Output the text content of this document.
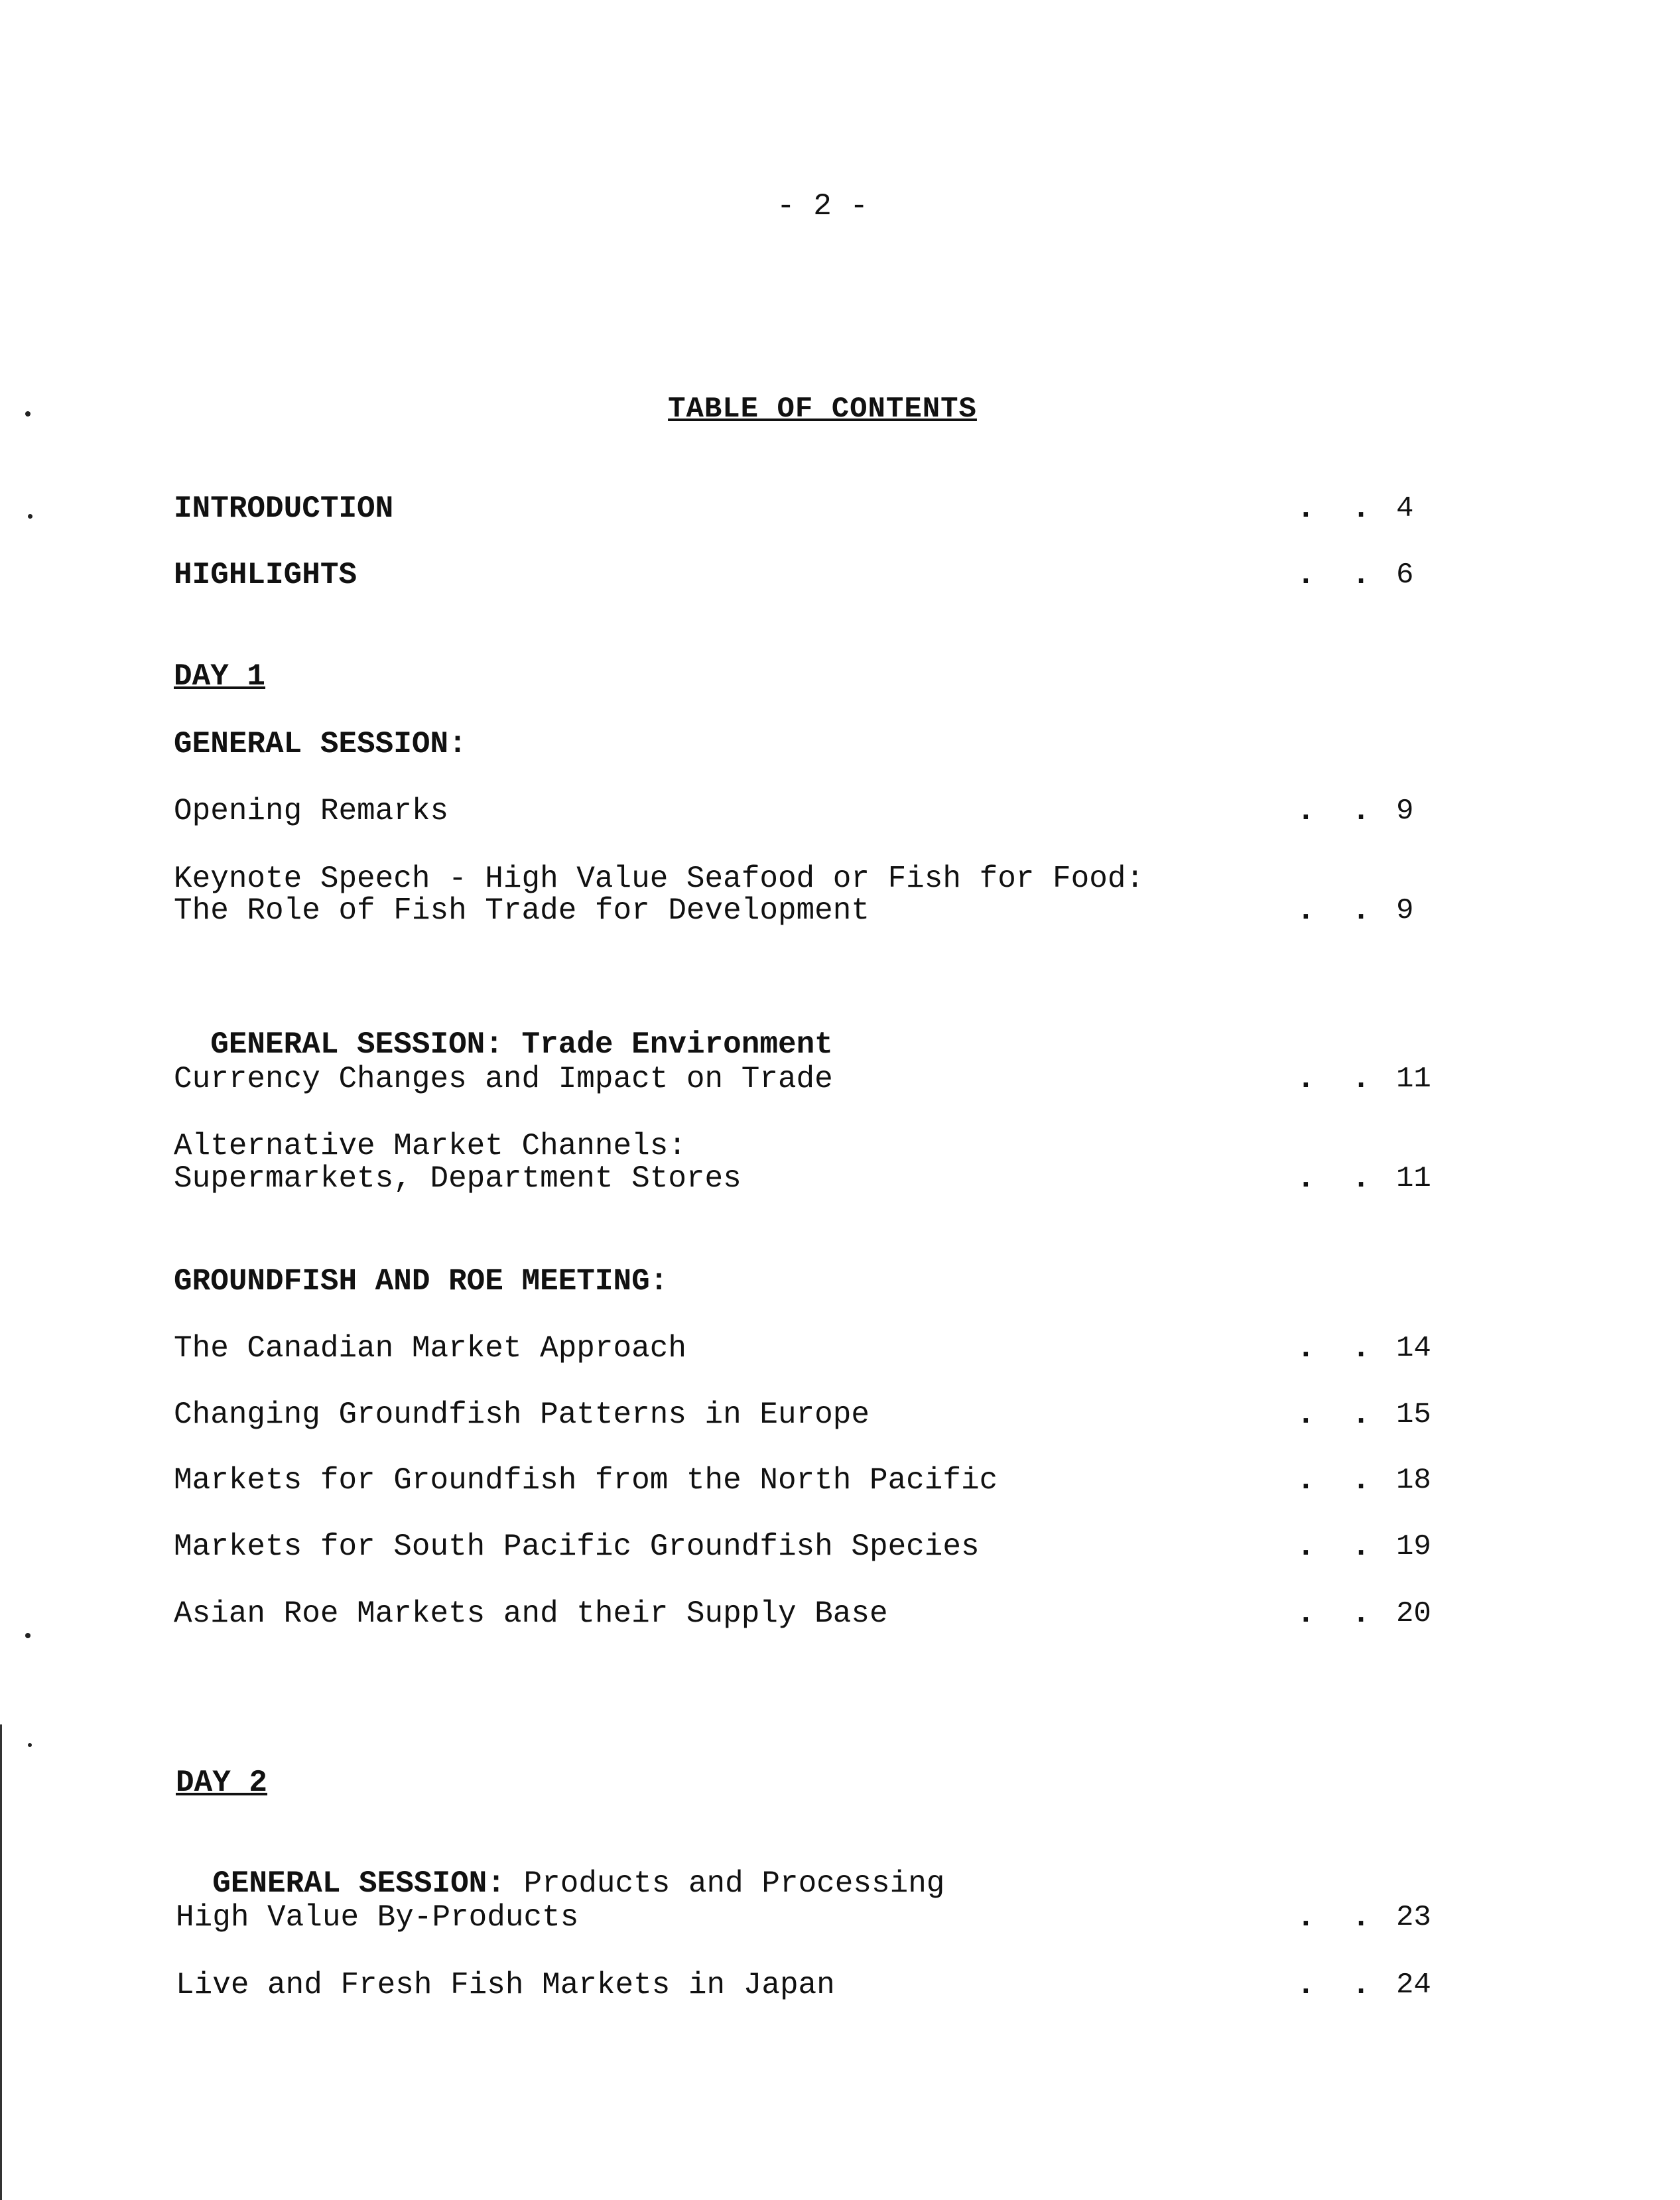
- 2 -
TABLE OF CONTENTS
INTRODUCTION	. . 4
HIGHLIGHTS	. . 6
DAY 1
GENERAL SESSION:
Opening Remarks	. . 9
Keynote Speech - High Value Seafood or Fish for Food:
The Role of Fish Trade for Development	. . 9

GENERAL SESSION: Trade Environment

Currency Changes and Impact on Trade	. . 11
Alternative Market Channels:
Supermarkets, Department Stores	. . 11
GROUNDFISH AND ROE MEETING:
The Canadian Market Approach	. . 14
Changing Groundfish Patterns in Europe	. . 15
Markets for Groundfish from the North Pacific	. . 18
Markets for South Pacific Groundfish Species	. . 19
Asian Roe Markets and their Supply Base	. . 20
DAY 2

GENERAL SESSION: Products and Processing

High Value By-Products	. . 23
Live and Fresh Fish Markets in Japan	. . 24
